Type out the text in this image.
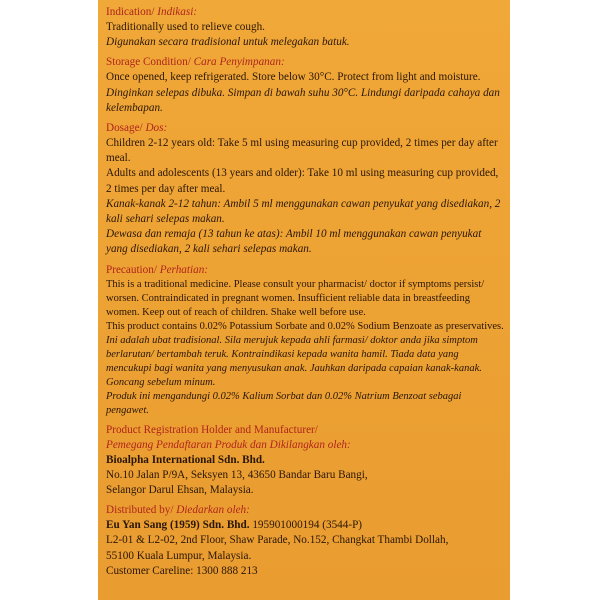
Indication/ Indikasi:

Traditionally used to relieve cough.

Digunakan secara tradisional untuk melegakan batuk.

Storage Condition/ Cara Penyimpanan:

Once opened, keep refrigerated. Store below 30°C. Protect from light and moisture.

Dinginkan selepas dibuka. Simpan di bawah suhu 30°C. Lindungi daripada cahaya dan kelembapan.

Dosage/ Dos:

Children 2-12 years old: Take 5 ml using measuring cup provided, 2 times per day after meal.

Adults and adolescents (13 years and older): Take 10 ml using measuring cup provided, 2 times per day after meal.

Kanak-kanak 2-12 tahun: Ambil 5 ml menggunakan cawan penyukat yang disediakan, 2 kali sehari selepas makan.

Dewasa dan remaja (13 tahun ke atas): Ambil 10 ml menggunakan cawan penyukat yang disediakan, 2 kali sehari selepas makan.

Precaution/ Perhatian:

This is a traditional medicine. Please consult your pharmacist/ doctor if symptoms persist/ worsen. Contraindicated in pregnant women. Insufficient reliable data in breastfeeding women. Keep out of reach of children. Shake well before use.

This product contains 0.02% Potassium Sorbate and 0.02% Sodium Benzoate as preservatives.

Ini adalah ubat tradisional. Sila merujuk kepada ahli farmasi/ doktor anda jika simptom berlarutan/ bertambah teruk. Kontraindikasi kepada wanita hamil. Tiada data yang mencukupi bagi wanita yang menyusukan anak. Jauhkan daripada capaian kanak-kanak. Goncang sebelum minum.

Produk ini mengandungi 0.02% Kalium Sorbat dan 0.02% Natrium Benzoat sebagai pengawet.

Product Registration Holder and Manufacturer/
Pemegang Pendaftaran Produk dan Dikilangkan oleh:

Bioalpha International Sdn. Bhd.

No.10 Jalan P/9A, Seksyen 13, 43650 Bandar Baru Bangi,

Selangor Darul Ehsan, Malaysia.

Distributed by/ Diedarkan oleh:

Eu Yan Sang (1959) Sdn. Bhd. 195901000194 (3544-P)

L2-01 & L2-02, 2nd Floor, Shaw Parade, No.152, Changkat Thambi Dollah,

55100 Kuala Lumpur, Malaysia.

Customer Careline: 1300 888 213
